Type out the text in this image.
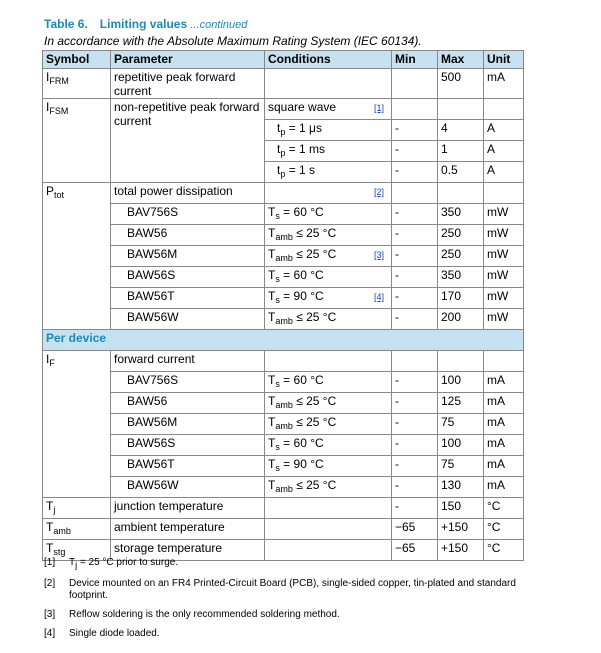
Table 6. Limiting values ...continued
In accordance with the Absolute Maximum Rating System (IEC 60134).
Symbol	Parameter	Conditions	Min	Max	Unit
$I_{FRM}$	repetitive peak forward current			500	mA
$I_{FSM}$	non-repetitive peak forward current	square wave [1]			

		$t_p = 1$ μs	-	4	A
		$t_p = 1$ ms	-	1	A
		$t_p = 1$ s	-	0.5	A
$P_{tot}$	total power dissipation	[2]			

	BAV756S	$T_s = 60$ °C	-	350	mW
	BAW56	$T_{amb} \le 25$ °C	-	250	mW
	BAW56M	$T_{amb} \le 25$ °C [3]	-	250	mW
	BAW56S	$T_s = 60$ °C	-	350	mW
	BAW56T	$T_s = 90$ °C [4]	-	170	mW
	BAW56W	$T_{amb} \le 25$ °C	-	200	mW
Per device					
$I_F$	forward current				
	BAV756S	$T_s = 60$ °C	-	100	mA
	BAW56	$T_{amb} \le 25$ °C	-	125	mA
	BAW56M	$T_{amb} \le 25$ °C	-	75	mA
	BAW56S	$T_s = 60$ °C	-	100	mA
	BAW56T	$T_s = 90$ °C	-	75	mA
	BAW56W	$T_{amb} \le 25$ °C	-	130	mA
$T_j$	junction temperature		-	150	°C
$T_{amb}$	ambient temperature		−65	+150	°C
$T_{stg}$	storage temperature		−65	+150	°C
[1] Tj = 25 °C prior to surge.
[2] Device mounted on an FR4 Printed-Circuit Board (PCB), single-sided copper, tin-plated and standard footprint.
[3] Reflow soldering is the only recommended soldering method.
[4] Single diode loaded.
